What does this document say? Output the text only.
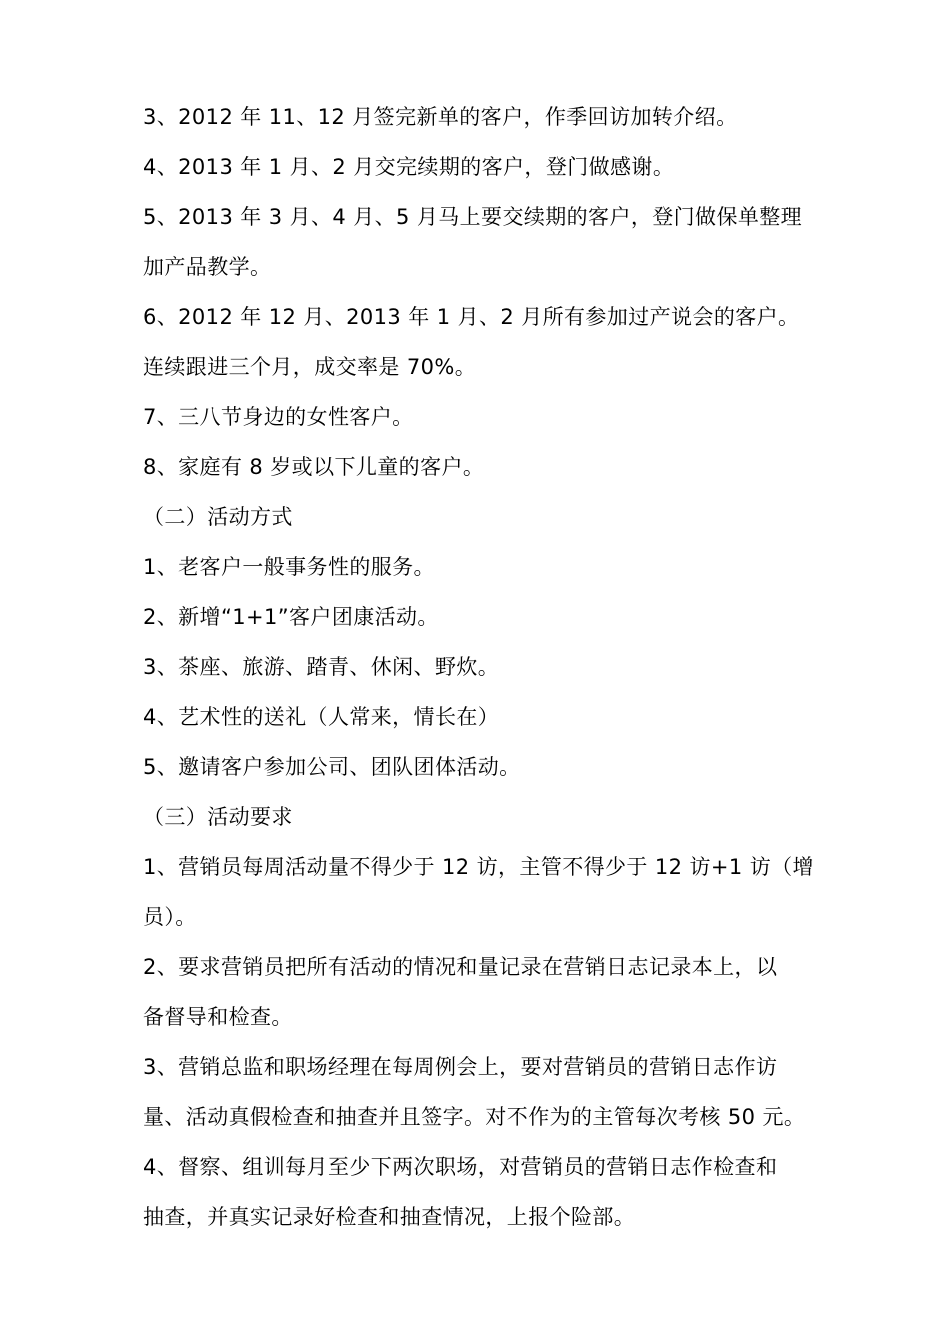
3、2012 年 11、12 月签完新单的客户，作季回访加转介绍。
4、2013 年 1 月、2 月交完续期的客户，登门做感谢。
5、2013 年 3 月、4 月、5 月马上要交续期的客户，登门做保单整理
加产品教学。
6、2012 年 12 月、2013 年 1 月、2 月所有参加过产说会的客户。
连续跟进三个月，成交率是 70%。
7、三八节身边的女性客户。
8、家庭有 8 岁或以下儿童的客户。
（二）活动方式
1、老客户一般事务性的服务。
2、新增“1+1”客户团康活动。
3、茶座、旅游、踏青、休闲、野炊。
4、艺术性的送礼（人常来，情长在）
5、邀请客户参加公司、团队团体活动。
（三）活动要求
1、营销员每周活动量不得少于 12 访，主管不得少于 12 访+1 访（增
员）。
2、要求营销员把所有活动的情况和量记录在营销日志记录本上，以
备督导和检查。
3、营销总监和职场经理在每周例会上，要对营销员的营销日志作访
量、活动真假检查和抽查并且签字。对不作为的主管每次考核 50 元。
4、督察、组训每月至少下两次职场，对营销员的营销日志作检查和
抽查，并真实记录好检查和抽查情况，上报个险部。
